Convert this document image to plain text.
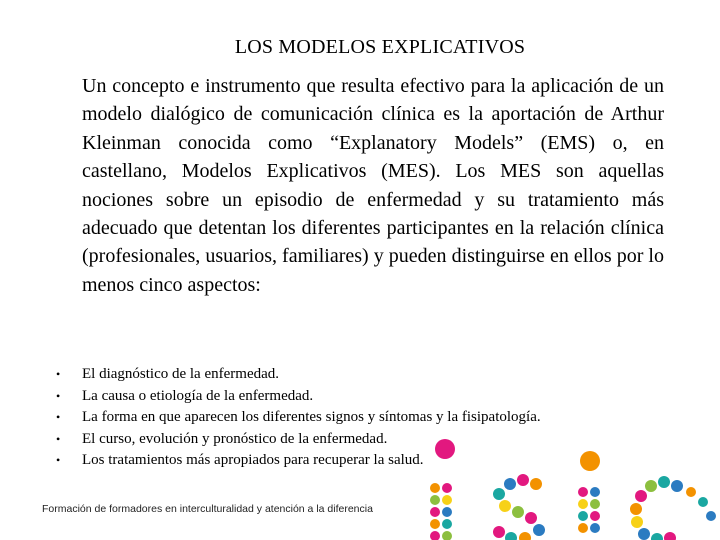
LOS MODELOS EXPLICATIVOS

Un concepto e instrumento que resulta efectivo para la aplicación de un modelo dialógico de comunicación clínica es la aportación de Arthur Kleinman conocida como “Explanatory Models” (EMS) o, en castellano, Modelos Explicativos (MES). Los MES son aquellas nociones sobre un episodio de enfermedad y su tratamiento más adecuado que detentan los diferentes participantes en la relación clínica (profesionales, usuarios, familiares) y pueden distinguirse en ellos por lo menos cinco aspectos:

•	El diagnóstico de la enfermedad.
•	La causa o etiología de la enfermedad.
•	La forma en que aparecen los diferentes signos y síntomas y la fisipatología.
•	El curso, evolución y pronóstico de la enfermedad.
•	Los tratamientos más apropiados para recuperar la salud.
Formación de formadores en interculturalidad y atención a la diferencia
